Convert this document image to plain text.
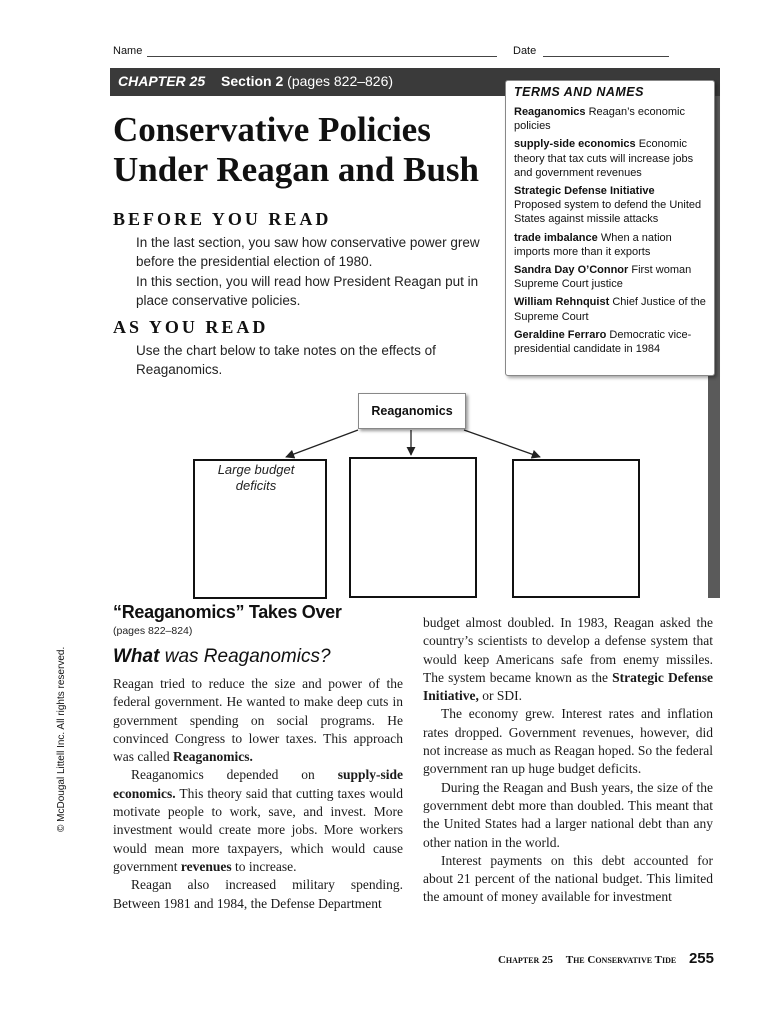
Name	Date
CHAPTER 25 Section 2 (pages 822–826)
Conservative Policies
Under Reagan and Bush
BEFORE YOU READ
In the last section, you saw how conservative power grew before the presidential election of 1980.
In this section, you will read how President Reagan put in place conservative policies.
AS YOU READ
Use the chart below to take notes on the effects of Reaganomics.
TERMS AND NAMES
Reaganomics Reagan’s economic policies
supply-side economics Economic theory that tax cuts will increase jobs and government revenues
Strategic Defense Initiative
Proposed system to defend the United States against missile attacks
trade imbalance When a nation imports more than it exports
Sandra Day O’Connor First woman Supreme Court justice
William Rehnquist Chief Justice of the Supreme Court
Geraldine Ferraro Democratic vice-presidential candidate in 1984
Reaganomics
Large budget deficits
“Reaganomics” Takes Over
(pages 822–824)
What was Reaganomics?

Reagan tried to reduce the size and power of the federal government. He wanted to make deep cuts in government spending on social programs. He convinced Congress to lower taxes. This approach was called Reaganomics.

Reaganomics depended on supply-side economics. This theory said that cutting taxes would motivate people to work, save, and invest. More investment would create more jobs. More workers would mean more taxpayers, which would cause government revenues to increase.

Reagan also increased military spending. Between 1981 and 1984, the Defense Department

budget almost doubled. In 1983, Reagan asked the country’s scientists to develop a defense system that would keep Americans safe from enemy missiles. The system became known as the Strategic Defense Initiative, or SDI.

The economy grew. Interest rates and inflation rates dropped. Government revenues, however, did not increase as much as Reagan hoped. So the federal government ran up huge budget deficits.

During the Reagan and Bush years, the size of the government debt more than doubled. This meant that the United States had a larger national debt than any other nation in the world.

Interest payments on this debt accounted for about 21 percent of the national budget. This limited the amount of money available for investment

© McDougal Littell Inc. All rights reserved.
Chapter 25 The Conservative Tide 255
